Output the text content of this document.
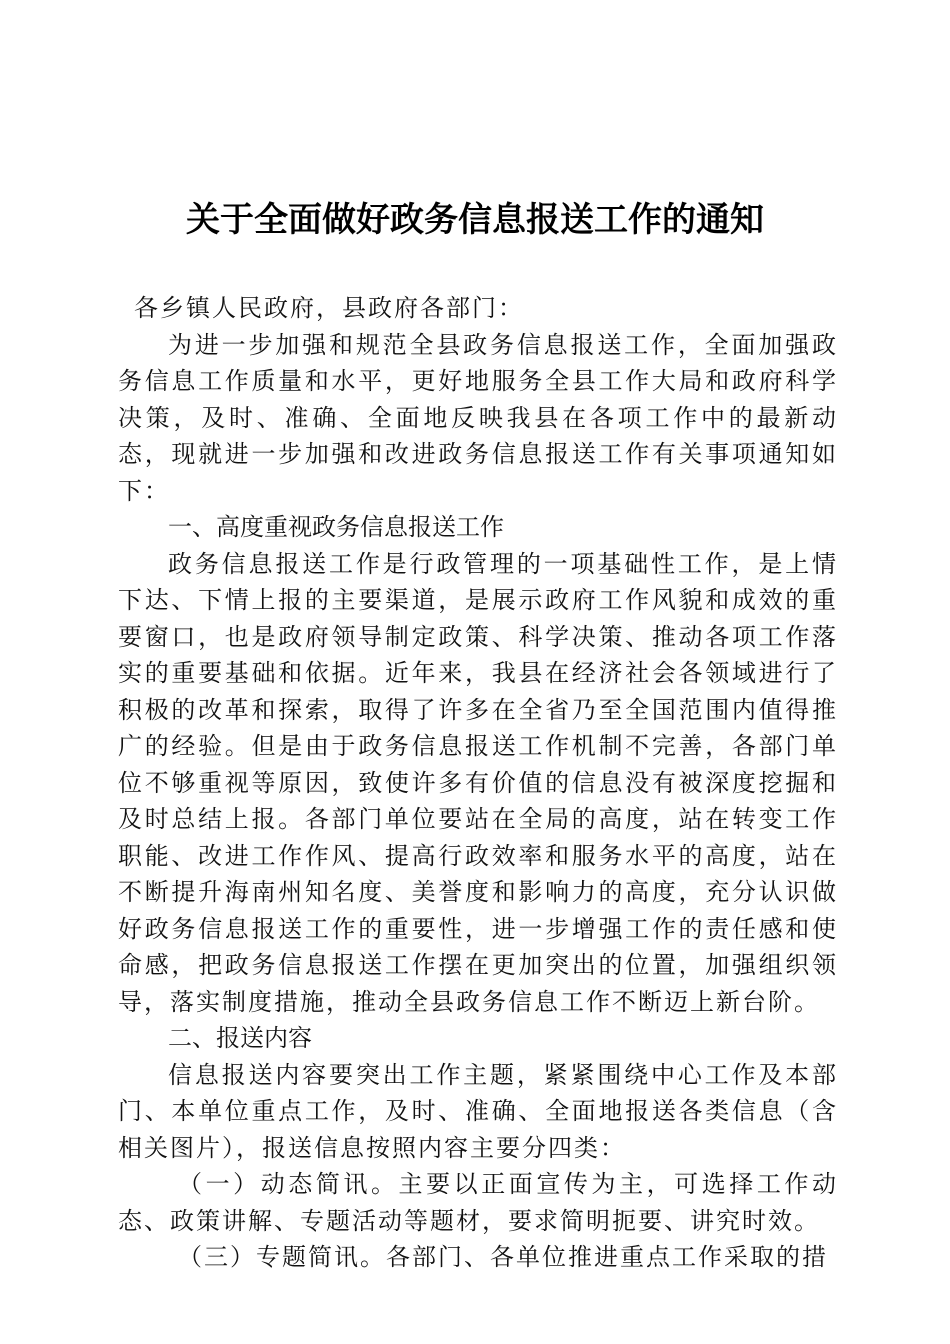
关于全面做好政务信息报送工作的通知

各乡镇人民政府，县政府各部门：

为进一步加强和规范全县政务信息报送工作，全面加强政务信息工作质量和水平，更好地服务全县工作大局和政府科学决策，及时、准确、全面地反映我县在各项工作中的最新动态，现就进一步加强和改进政务信息报送工作有关事项通知如下：

一、高度重视政务信息报送工作

政务信息报送工作是行政管理的一项基础性工作，是上情下达、下情上报的主要渠道，是展示政府工作风貌和成效的重要窗口，也是政府领导制定政策、科学决策、推动各项工作落实的重要基础和依据。近年来，我县在经济社会各领域进行了积极的改革和探索，取得了许多在全省乃至全国范围内值得推广的经验。但是由于政务信息报送工作机制不完善，各部门单位不够重视等原因，致使许多有价值的信息没有被深度挖掘和及时总结上报。各部门单位要站在全局的高度，站在转变工作职能、改进工作作风、提高行政效率和服务水平的高度，站在不断提升海南州知名度、美誉度和影响力的高度，充分认识做好政务信息报送工作的重要性，进一步增强工作的责任感和使命感，把政务信息报送工作摆在更加突出的位置，加强组织领导，落实制度措施，推动全县政务信息工作不断迈上新台阶。

二、报送内容

信息报送内容要突出工作主题，紧紧围绕中心工作及本部门、本单位重点工作，及时、准确、全面地报送各类信息（含相关图片），报送信息按照内容主要分四类：

（一）动态简讯。主要以正面宣传为主，可选择工作动态、政策讲解、专题活动等题材，要求简明扼要、讲究时效。

（三）专题简讯。各部门、各单位推进重点工作采取的措
